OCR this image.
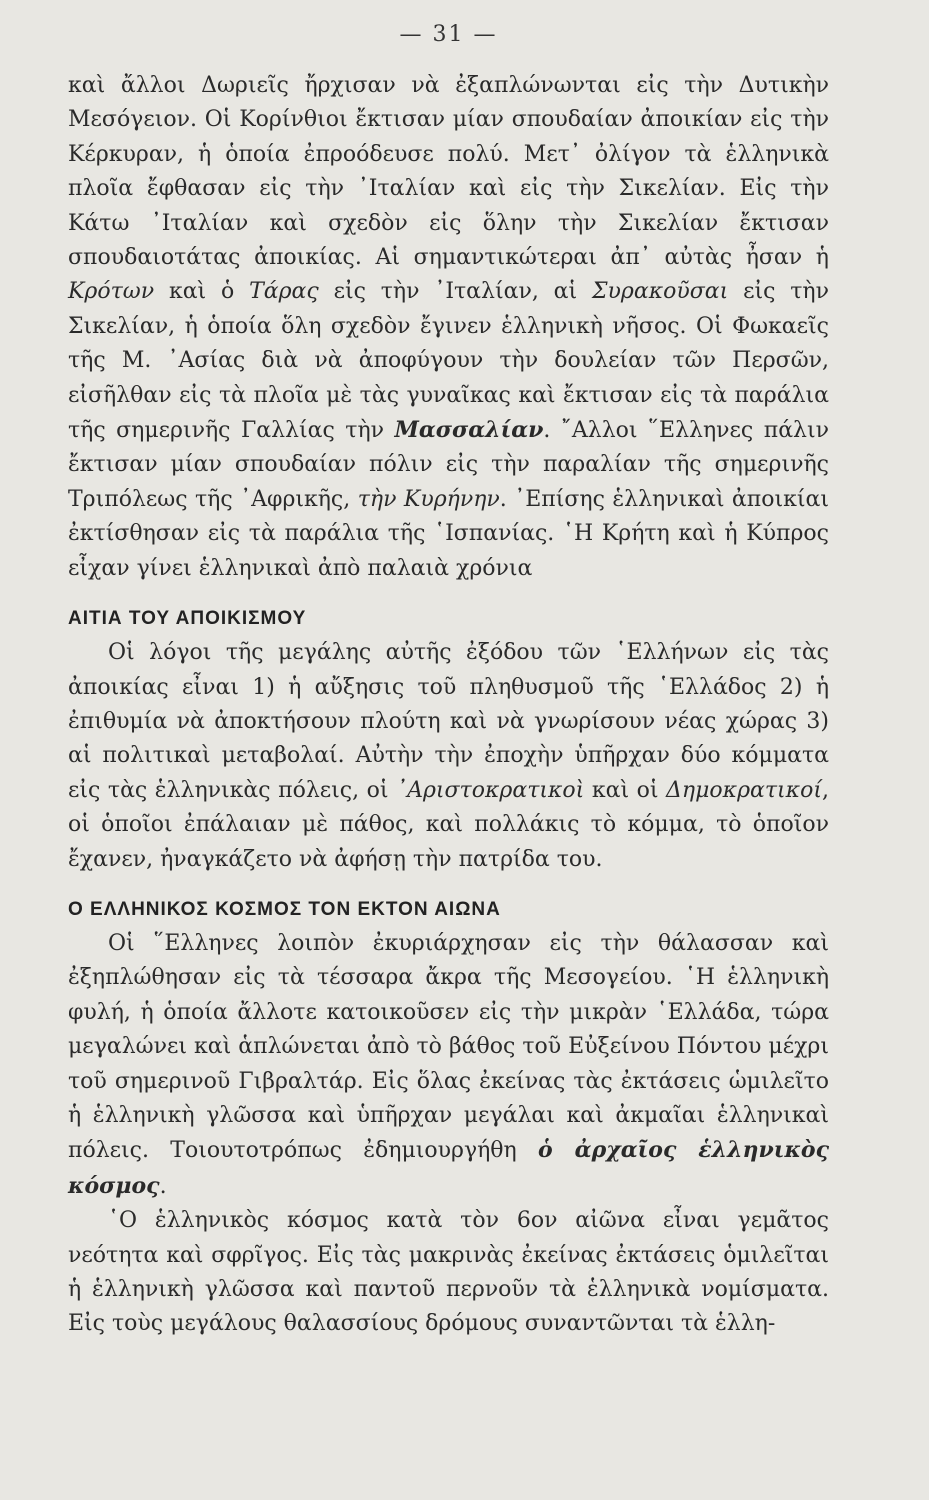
— 31 —

καὶ ἄλλοι Δωριεῖς ἤρχισαν νὰ ἐξαπλώνωνται εἰς τὴν Δυτικὴν Μεσόγειον. Οἱ Κορίνθιοι ἔκτισαν μίαν σπουδαίαν ἀποικίαν εἰς τὴν Κέρκυραν, ἡ ὁποία ἐπροόδευσε πολύ. Μετ᾿ ὀλίγον τὰ ἑλληνικὰ πλοῖα ἔφθασαν εἰς τὴν ᾿Ιταλίαν καὶ εἰς τὴν Σικελίαν. Εἰς τὴν Κάτω ᾿Ιταλίαν καὶ σχεδὸν εἰς ὅλην τὴν Σικελίαν ἔκτισαν σπουδαιοτάτας ἀποικίας. Αἱ σημαντικώτεραι ἀπ᾿ αὐτὰς ἦσαν ἡ Κρότων καὶ ὁ Τάρας εἰς τὴν ᾿Ιταλίαν, αἱ Συρακοῦσαι εἰς τὴν Σικελίαν, ἡ ὁποία ὅλη σχεδὸν ἔγινεν ἑλληνικὴ νῆσος. Οἱ Φωκαεῖς τῆς Μ. ᾿Ασίας διὰ νὰ ἀποφύγουν τὴν δουλείαν τῶν Περσῶν, εἰσῆλθαν εἰς τὰ πλοῖα μὲ τὰς γυναῖκας καὶ ἔκτισαν εἰς τὰ παράλια τῆς σημερινῆς Γαλλίας τὴν Μασσαλίαν. ῎Αλλοι ῞Ελληνες πάλιν ἔκτισαν μίαν σπουδαίαν πόλιν εἰς τὴν παραλίαν τῆς σημερινῆς Τριπόλεως τῆς ᾿Αφρικῆς, τὴν Κυρήνην. ᾿Επίσης ἑλληνικαὶ ἀποικίαι ἐκτίσθησαν εἰς τὰ παράλια τῆς ῾Ισπανίας. ῾Η Κρήτη καὶ ἡ Κύπρος εἶχαν γίνει ἑλληνικαὶ ἀπὸ παλαιὰ χρόνια

ΑΙΤΙΑ ΤΟΥ ΑΠΟΙΚΙΣΜΟΥ

Οἱ λόγοι τῆς μεγάλης αὐτῆς ἐξόδου τῶν ῾Ελλήνων εἰς τὰς ἀποικίας εἶναι 1) ἡ αὔξησις τοῦ πληθυσμοῦ τῆς ῾Ελλάδος 2) ἡ ἐπιθυμία νὰ ἀποκτήσουν πλούτη καὶ νὰ γνωρίσουν νέας χώρας 3) αἱ πολιτικαὶ μεταβολαί. Αὐτὴν τὴν ἐποχὴν ὑπῆρχαν δύο κόμματα εἰς τὰς ἑλληνικὰς πόλεις, οἱ ᾿Αριστοκρατικοὶ καὶ οἱ Δημοκρατικοί, οἱ ὁποῖοι ἐπάλαιαν μὲ πάθος, καὶ πολλάκις τὸ κόμμα, τὸ ὁποῖον ἔχανεν, ἠναγκάζετο νὰ ἀφήσῃ τὴν πατρίδα του.

Ο ΕΛΛΗΝΙΚΟΣ ΚΟΣΜΟΣ ΤΟΝ ΕΚΤΟΝ ΑΙΩΝΑ

Οἱ ῞Ελληνες λοιπὸν ἐκυριάρχησαν εἰς τὴν θάλασσαν καὶ ἐξηπλώθησαν εἰς τὰ τέσσαρα ἄκρα τῆς Μεσογείου. ῾Η ἑλληνικὴ φυλή, ἡ ὁποία ἄλλοτε κατοικοῦσεν εἰς τὴν μικρὰν ῾Ελλάδα, τώρα μεγαλώνει καὶ ἁπλώνεται ἀπὸ τὸ βάθος τοῦ Εὐξείνου Πόντου μέχρι τοῦ σημερινοῦ Γιβραλτάρ. Εἰς ὅλας ἐκείνας τὰς ἐκτάσεις ὡμιλεῖτο ἡ ἑλληνικὴ γλῶσσα καὶ ὑπῆρχαν μεγάλαι καὶ ἀκμαῖαι ἑλληνικαὶ πόλεις. Τοιουτοτρόπως ἐδημιουργήθη ὁ ἀρχαῖος ἑλληνικὸς κόσμος.

῾Ο ἑλληνικὸς κόσμος κατὰ τὸν 6ον αἰῶνα εἶναι γεμᾶτος νεότητα καὶ σφρῖγος. Εἰς τὰς μακρινὰς ἐκείνας ἐκτάσεις ὁμιλεῖται ἡ ἑλληνικὴ γλῶσσα καὶ παντοῦ περνοῦν τὰ ἑλληνικὰ νομίσματα. Εἰς τοὺς μεγάλους θαλασσίους δρόμους συναντῶνται τὰ ἑλλη-
